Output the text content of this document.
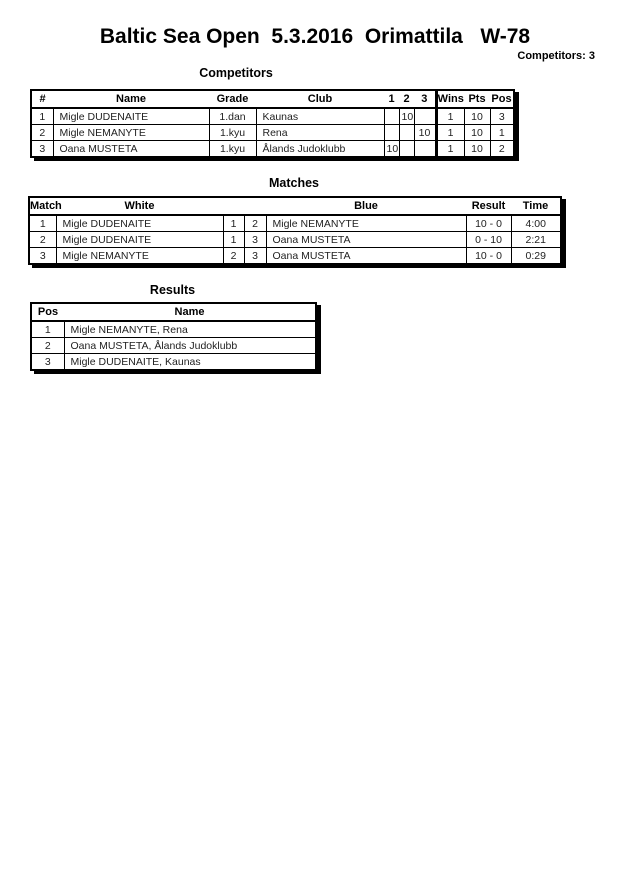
Baltic Sea Open  5.3.2016  Orimattila   W-78
Competitors: 3
Competitors
#	Name	Grade	Club	1	2	3	Wins	Pts	Pos
1	Migle DUDENAITE	1.dan	Kaunas		10		1	10	3
2	Migle NEMANYTE	1.kyu	Rena			10	1	10	1
3	Oana MUSTETA	1.kyu	Ålands Judoklubb	10			1	10	2
Matches
Match	White			Blue	Result	Time
1	Migle DUDENAITE	1	2	Migle NEMANYTE	10 - 0	4:00
2	Migle DUDENAITE	1	3	Oana MUSTETA	0 - 10	2:21
3	Migle NEMANYTE	2	3	Oana MUSTETA	10 - 0	0:29
Results
Pos	Name
1	Migle NEMANYTE, Rena
2	Oana MUSTETA, Ålands Judoklubb
3	Migle DUDENAITE, Kaunas
